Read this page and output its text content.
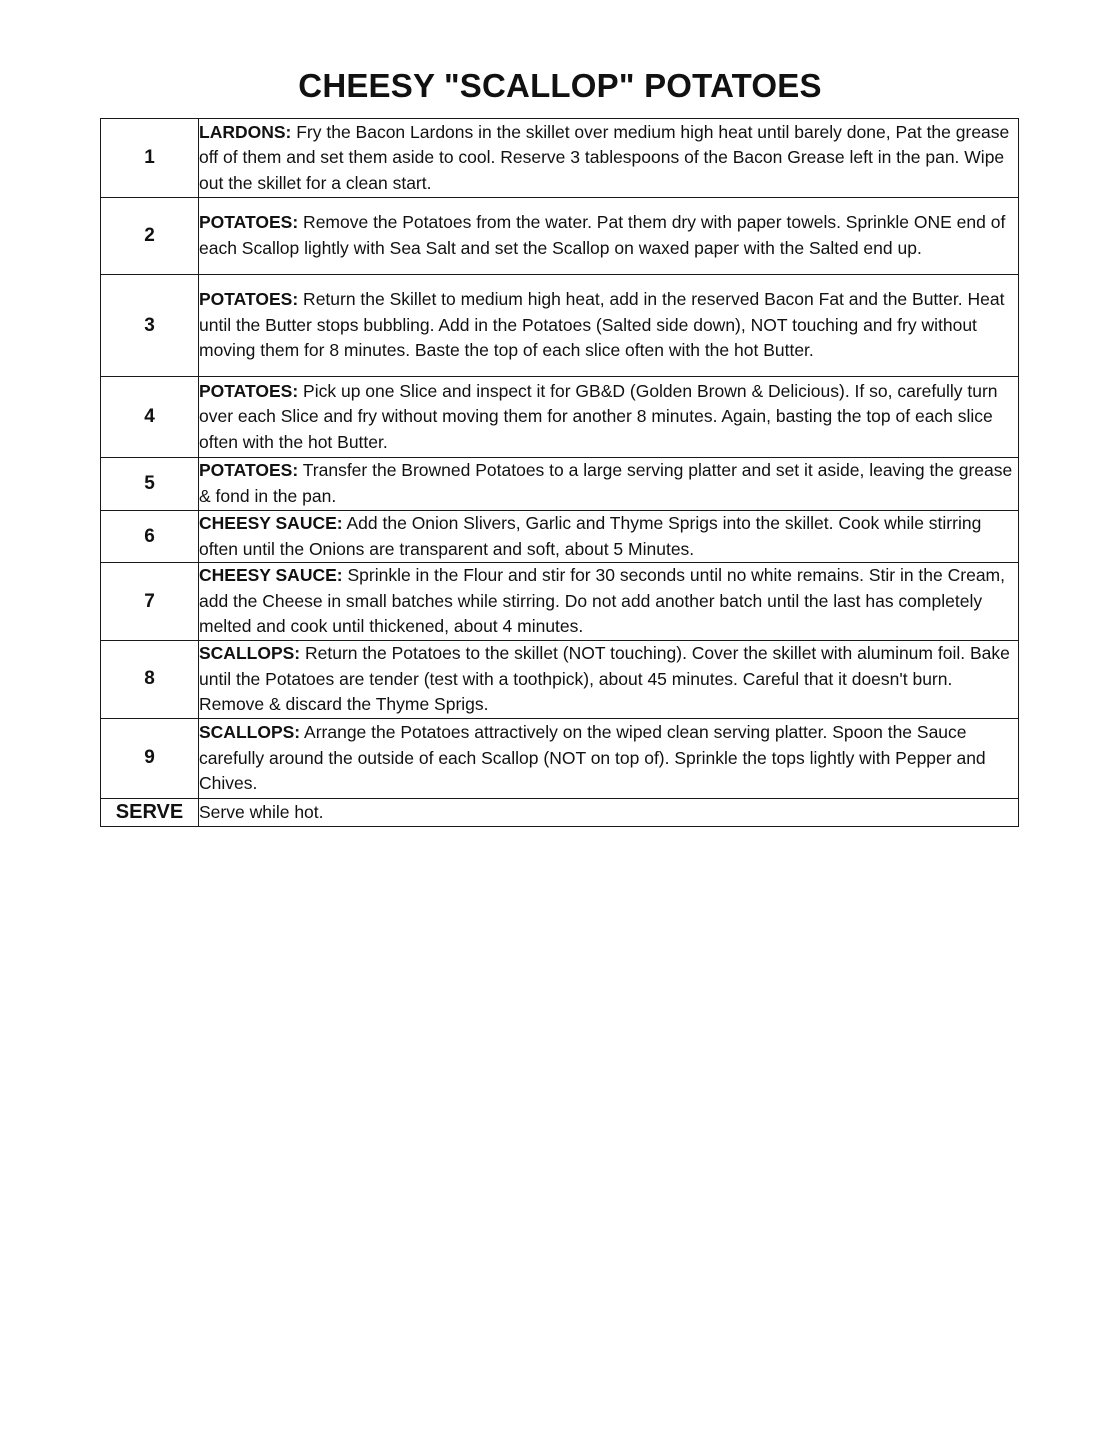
CHEESY "SCALLOP" POTATOES
1	LARDONS: Fry the Bacon Lardons in the skillet over medium high heat until barely done, Pat the grease off of them and set them aside to cool. Reserve 3 tablespoons of the Bacon Grease left in the pan. Wipe out the skillet for a clean start.
2	POTATOES: Remove the Potatoes from the water. Pat them dry with paper towels. Sprinkle ONE end of each Scallop lightly with Sea Salt and set the Scallop on waxed paper with the Salted end up.
3	POTATOES: Return the Skillet to medium high heat, add in the reserved Bacon Fat and the Butter. Heat until the Butter stops bubbling. Add in the Potatoes (Salted side down), NOT touching and fry without moving them for 8 minutes. Baste the top of each slice often with the hot Butter.
4	POTATOES: Pick up one Slice and inspect it for GB&D (Golden Brown & Delicious). If so, carefully turn over each Slice and fry without moving them for another 8 minutes. Again, basting the top of each slice often with the hot Butter.
5	POTATOES: Transfer the Browned Potatoes to a large serving platter and set it aside, leaving the grease & fond in the pan.
6	CHEESY SAUCE: Add the Onion Slivers, Garlic and Thyme Sprigs into the skillet. Cook while stirring often until the Onions are transparent and soft, about 5 Minutes.
7	CHEESY SAUCE: Sprinkle in the Flour and stir for 30 seconds until no white remains. Stir in the Cream, add the Cheese in small batches while stirring. Do not add another batch until the last has completely melted and cook until thickened, about 4 minutes.
8	SCALLOPS: Return the Potatoes to the skillet (NOT touching). Cover the skillet with aluminum foil. Bake until the Potatoes are tender (test with a toothpick), about 45 minutes. Careful that it doesn't burn. Remove & discard the Thyme Sprigs.
9	SCALLOPS: Arrange the Potatoes attractively on the wiped clean serving platter. Spoon the Sauce carefully around the outside of each Scallop (NOT on top of). Sprinkle the tops lightly with Pepper and Chives.
SERVE	Serve while hot.
